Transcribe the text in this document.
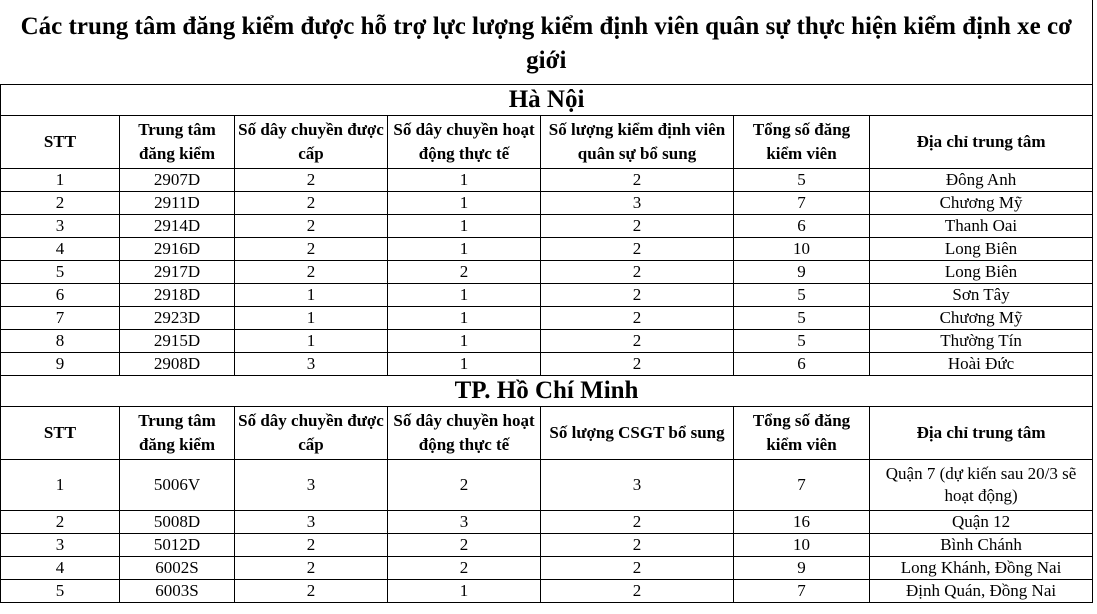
Các trung tâm đăng kiểm được hỗ trợ lực lượng kiểm định viên quân sự thực hiện kiểm định xe cơ giới						

Hà Nội						
STT	Trung tâm đăng kiểm	Số dây chuyền được cấp	Số dây chuyền hoạt động thực tế	Số lượng kiểm định viên quân sự bổ sung	Tổng số đăng kiểm viên	Địa chỉ trung tâm
1	2907D	2	1	2	5	Đông Anh
2	2911D	2	1	3	7	Chương Mỹ
3	2914D	2	1	2	6	Thanh Oai
4	2916D	2	1	2	10	Long Biên
5	2917D	2	2	2	9	Long Biên
6	2918D	1	1	2	5	Sơn Tây
7	2923D	1	1	2	5	Chương Mỹ
8	2915D	1	1	2	5	Thường Tín
9	2908D	3	1	2	6	Hoài Đức
TP. Hồ Chí Minh						
STT	Trung tâm đăng kiểm	Số dây chuyền được cấp	Số dây chuyền hoạt động thực tế	Số lượng CSGT bổ sung	Tổng số đăng kiểm viên	Địa chỉ trung tâm
1	5006V	3	2	3	7	Quận 7 (dự kiến sau 20/3 sẽ hoạt động)
2	5008D	3	3	2	16	Quận 12
3	5012D	2	2	2	10	Bình Chánh
4	6002S	2	2	2	9	Long Khánh, Đồng Nai
5	6003S	2	1	2	7	Định Quán, Đồng Nai
